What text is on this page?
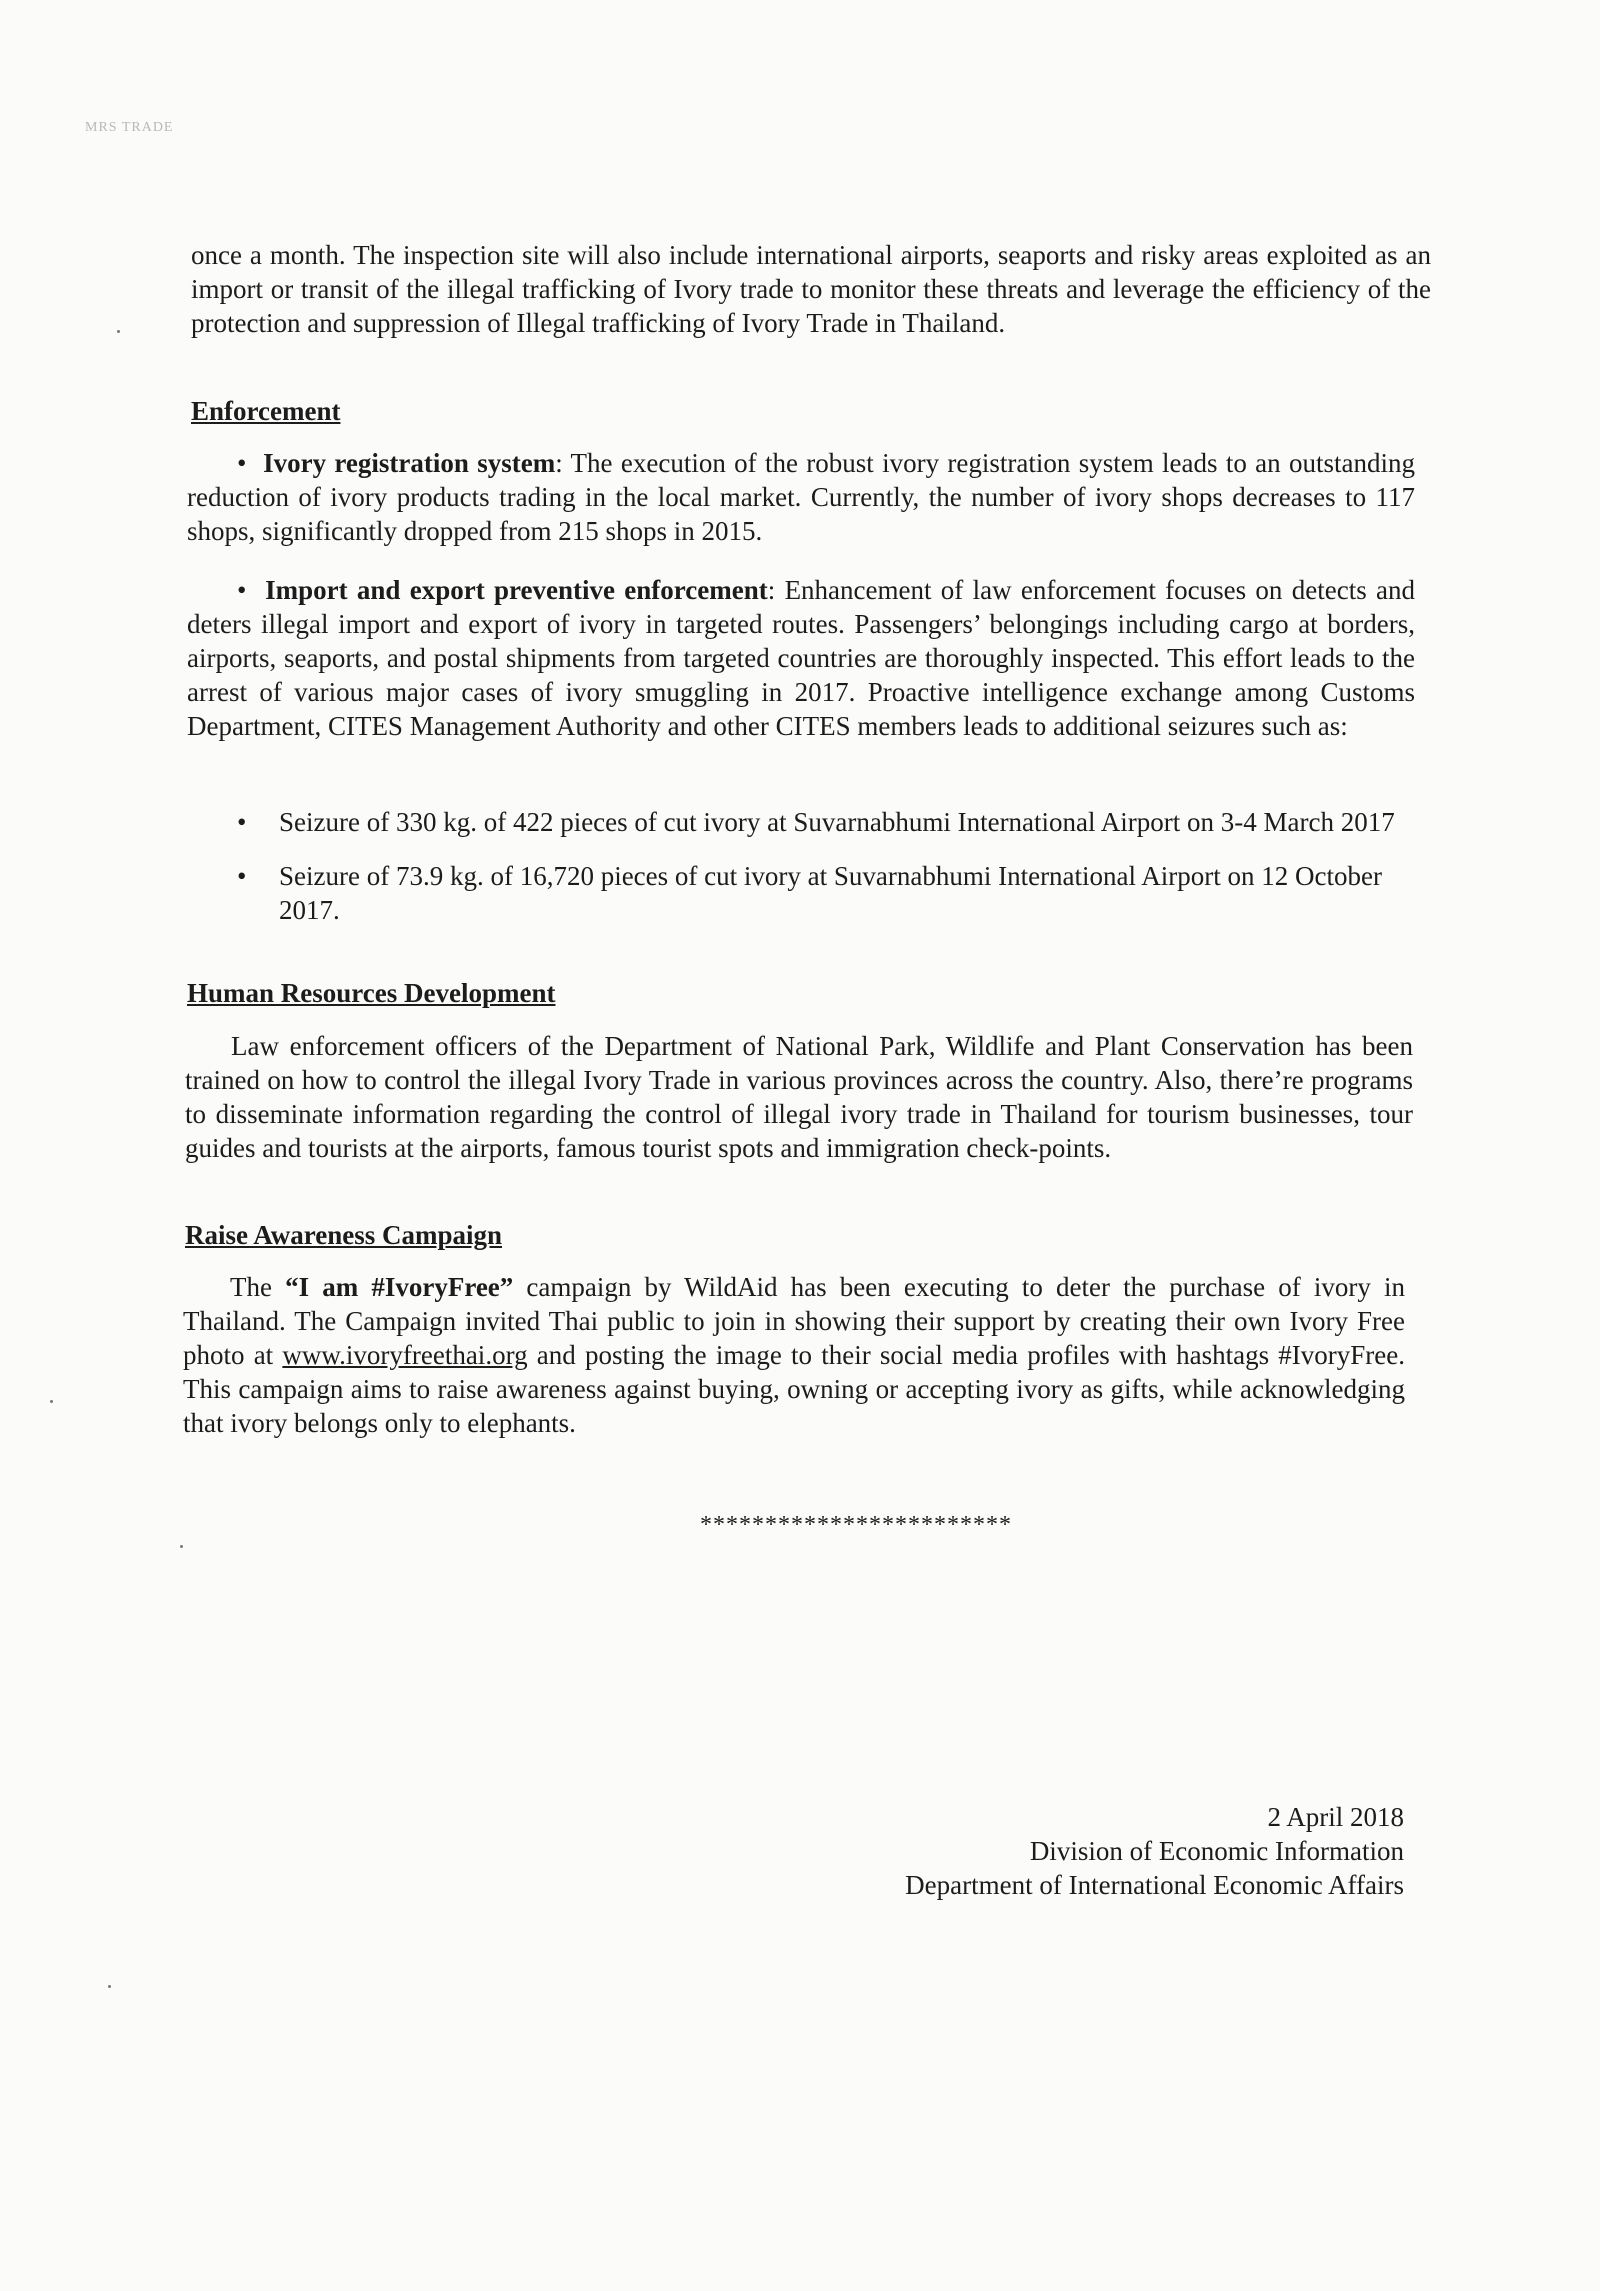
MRS TRADE

once a month. The inspection site will also include international airports, seaports and risky areas exploited as an import or transit of the illegal trafficking of Ivory trade to monitor these threats and leverage the efficiency of the protection and suppression of Illegal trafficking of Ivory Trade in Thailand.

Enforcement

• Ivory registration system: The execution of the robust ivory registration system leads to an outstanding reduction of ivory products trading in the local market. Currently, the number of ivory shops decreases to 117 shops, significantly dropped from 215 shops in 2015.

• Import and export preventive enforcement: Enhancement of law enforcement focuses on detects and deters illegal import and export of ivory in targeted routes. Passengers’ belongings including cargo at borders, airports, seaports, and postal shipments from targeted countries are thoroughly inspected. This effort leads to the arrest of various major cases of ivory smuggling in 2017. Proactive intelligence exchange among Customs Department, CITES Management Authority and other CITES members leads to additional seizures such as:

• Seizure of 330 kg. of 422 pieces of cut ivory at Suvarnabhumi International Airport on 3-4 March 2017
• Seizure of 73.9 kg. of 16,720 pieces of cut ivory at Suvarnabhumi International Airport on 12 October 2017.

Human Resources Development

Law enforcement officers of the Department of National Park, Wildlife and Plant Conservation has been trained on how to control the illegal Ivory Trade in various provinces across the country. Also, there’re programs to disseminate information regarding the control of illegal ivory trade in Thailand for tourism businesses, tour guides and tourists at the airports, famous tourist spots and immigration check-points.

Raise Awareness Campaign

The “I am #IvoryFree” campaign by WildAid has been executing to deter the purchase of ivory in Thailand. The Campaign invited Thai public to join in showing their support by creating their own Ivory Free photo at www.ivoryfreethai.org and posting the image to their social media profiles with hashtags #IvoryFree. This campaign aims to raise awareness against buying, owning or accepting ivory as gifts, while acknowledging that ivory belongs only to elephants.

************************
2 April 2018
Division of Economic Information
Department of International Economic Affairs
